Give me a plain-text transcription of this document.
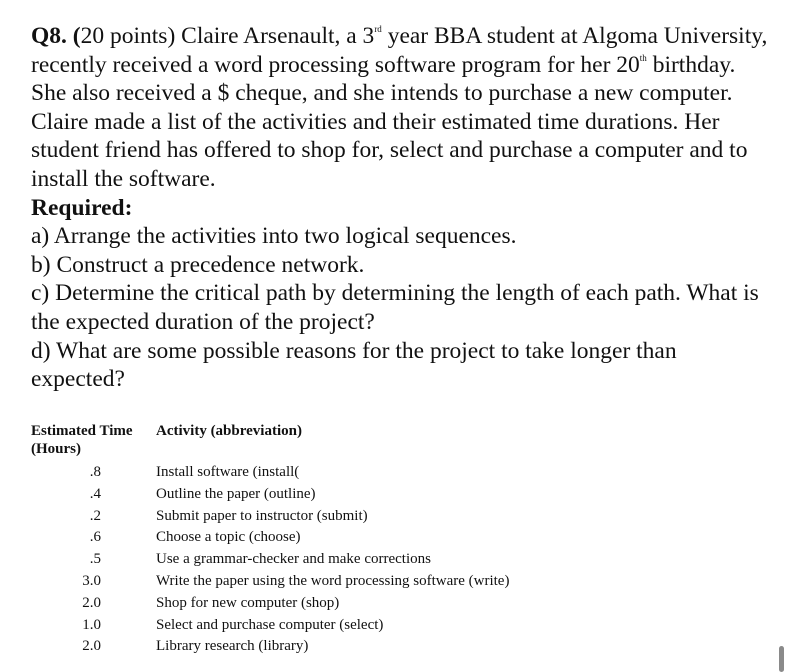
Q8. (20 points) Claire Arsenault, a 3rd year BBA student at Algoma University, recently received a word processing software program for her 20th birthday. She also received a $ cheque, and she intends to purchase a new computer. Claire made a list of the activities and their estimated time durations. Her student friend has offered to shop for, select and purchase a computer and to install the software.

Required:

a) Arrange the activities into two logical sequences.

b) Construct a precedence network.

c) Determine the critical path by determining the length of each path. What is the expected duration of the project?

d) What are some possible reasons for the project to take longer than expected?

Estimated Time (Hours)
Activity (abbreviation)
.8	Install software (install(
.4	Outline the paper (outline)
.2	Submit paper to instructor (submit)
.6	Choose a topic (choose)
.5	Use a grammar-checker and make corrections
3.0	Write the paper using the word processing software (write)
2.0	Shop for new computer (shop)
1.0	Select and purchase computer (select)
2.0	Library research (library)
